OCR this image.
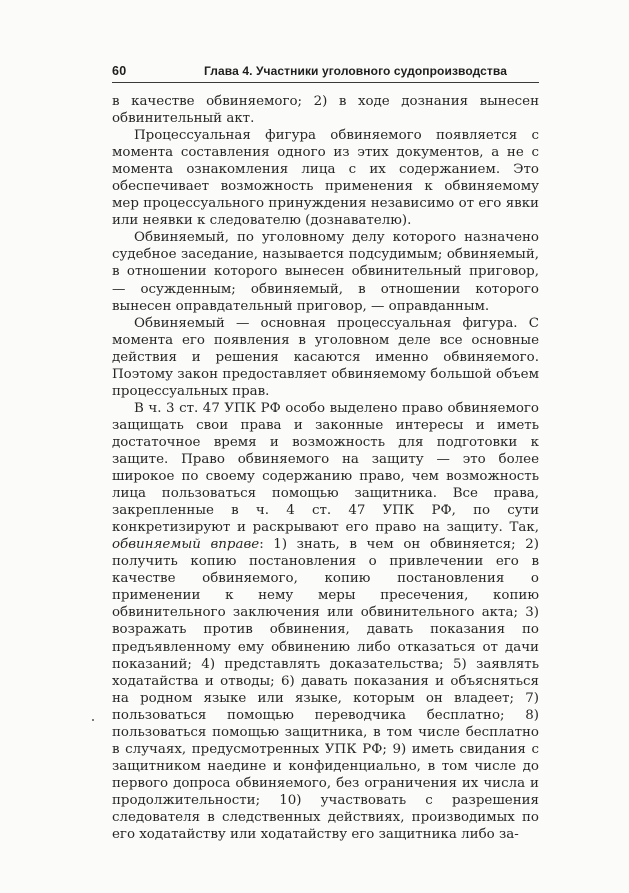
60	Глава 4. Участники уголовного судопроизводства

в качестве обвиняемого; 2) в ходе дознания вынесен обвинительный акт.

Процессуальная фигура обвиняемого появляется с момента составления одного из этих документов, а не с момента ознакомления лица с их содержанием. Это обеспечивает возможность применения к обвиняемому мер процессуального принуждения независимо от его явки или неявки к следователю (дознавателю).

Обвиняемый, по уголовному делу которого назначено судебное заседание, называется подсудимым; обвиняемый, в отношении которого вынесен обвинительный приговор, — осужденным; обвиняемый, в отношении которого вынесен оправдательный приговор, — оправданным.

Обвиняемый — основная процессуальная фигура. С момента его появления в уголовном деле все основные действия и решения касаются именно обвиняемого. Поэтому закон предоставляет обвиняемому большой объем процессуальных прав.

В ч. 3 ст. 47 УПК РФ особо выделено право обвиняемого защищать свои права и законные интересы и иметь достаточное время и возможность для подготовки к защите. Право обвиняемого на защиту — это более широкое по своему содержанию право, чем возможность лица пользоваться помощью защитника. Все права, закрепленные в ч. 4 ст. 47 УПК РФ, по сути конкретизируют и раскрывают его право на защиту. Так, обвиняемый вправе: 1) знать, в чем он обвиняется; 2) получить копию постановления о привлечении его в качестве обвиняемого, копию постановления о применении к нему меры пресечения, копию обвинительного заключения или обвинительного акта; 3) возражать против обвинения, давать показания по предъявленному ему обвинению либо отказаться от дачи показаний; 4) представлять доказательства; 5) заявлять ходатайства и отводы; 6) давать показания и объясняться на родном языке или языке, которым он владеет; 7) пользоваться помощью переводчика бесплатно; 8) пользоваться помощью защитника, в том числе бесплатно в случаях, предусмотренных УПК РФ; 9) иметь свидания с защитником наедине и конфиденциально, в том числе до первого допроса обвиняемого, без ограничения их числа и продолжительности; 10) участвовать с разрешения следователя в следственных действиях, производимых по его ходатайству или ходатайству его защитника либо за-
